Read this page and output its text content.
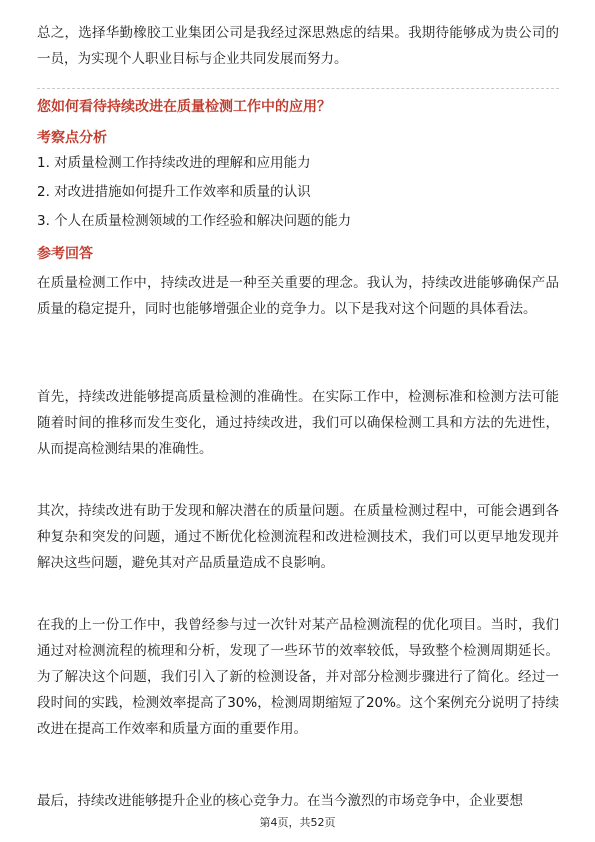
总之，选择华勤橡胶工业集团公司是我经过深思熟虑的结果。我期待能够成为贵公司的一员，为实现个人职业目标与企业共同发展而努力。
您如何看待持续改进在质量检测工作中的应用？
考察点分析
1. 对质量检测工作持续改进的理解和应用能力
2. 对改进措施如何提升工作效率和质量的认识
3. 个人在质量检测领域的工作经验和解决问题的能力
参考回答
在质量检测工作中，持续改进是一种至关重要的理念。我认为，持续改进能够确保产品质量的稳定提升，同时也能够增强企业的竞争力。以下是我对这个问题的具体看法。
首先，持续改进能够提高质量检测的准确性。在实际工作中，检测标准和检测方法可能随着时间的推移而发生变化，通过持续改进，我们可以确保检测工具和方法的先进性，从而提高检测结果的准确性。
其次，持续改进有助于发现和解决潜在的质量问题。在质量检测过程中，可能会遇到各种复杂和突发的问题，通过不断优化检测流程和改进检测技术，我们可以更早地发现并解决这些问题，避免其对产品质量造成不良影响。
在我的上一份工作中，我曾经参与过一次针对某产品检测流程的优化项目。当时，我们通过对检测流程的梳理和分析，发现了一些环节的效率较低，导致整个检测周期延长。为了解决这个问题，我们引入了新的检测设备，并对部分检测步骤进行了简化。经过一段时间的实践，检测效率提高了30%，检测周期缩短了20%。这个案例充分说明了持续改进在提高工作效率和质量方面的重要作用。
最后，持续改进能够提升企业的核心竞争力。在当今激烈的市场竞争中，企业要想
第4页，共52页
